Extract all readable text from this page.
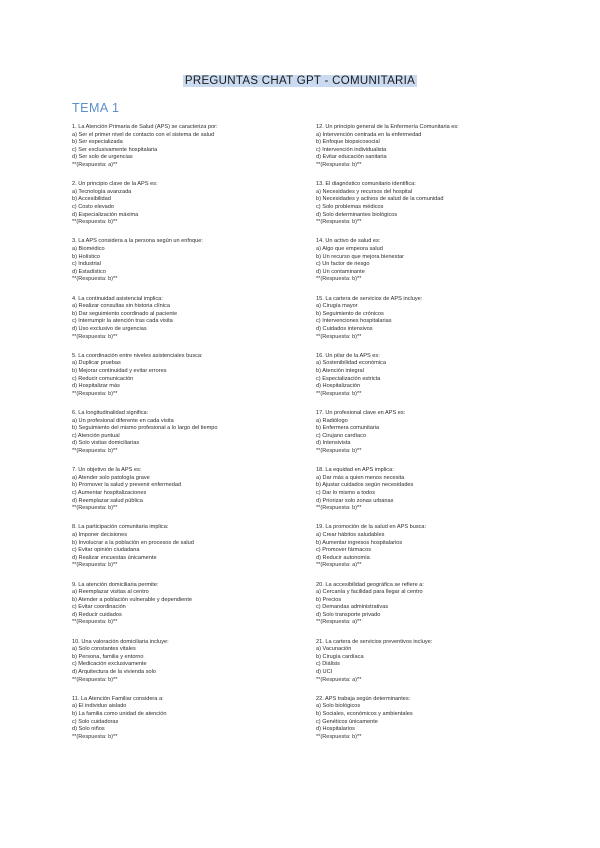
PREGUNTAS CHAT GPT - COMUNITARIA
TEMA 1
1. La Atención Primaria de Salud (APS) se caracteriza por:
a) Ser el primer nivel de contacto con el sistema de salud
b) Ser especializada
c) Ser exclusivamente hospitalaria
d) Ser solo de urgencias
**(Respuesta: a)**
2. Un principio clave de la APS es:
a) Tecnología avanzada
b) Accesibilidad
c) Costo elevado
d) Especialización máxima
**(Respuesta: b)**
3. La APS considera a la persona según un enfoque:
a) Biomédico
b) Holístico
c) Industrial
d) Estadístico
**(Respuesta: b)**
4. La continuidad asistencial implica:
a) Realizar consultas sin historia clínica
b) Dar seguimiento coordinado al paciente
c) Interrumpir la atención tras cada visita
d) Uso exclusivo de urgencias
**(Respuesta: b)**
5. La coordinación entre niveles asistenciales busca:
a) Duplicar pruebas
b) Mejorar continuidad y evitar errores
c) Reducir comunicación
d) Hospitalizar más
**(Respuesta: b)**
6. La longitudinalidad significa:
a) Un profesional diferente en cada visita
b) Seguimiento del mismo profesional a lo largo del tiempo
c) Atención puntual
d) Solo visitas domiciliarias
**(Respuesta: b)**
7. Un objetivo de la APS es:
a) Atender solo patología grave
b) Promover la salud y prevenir enfermedad
c) Aumentar hospitalizaciones
d) Reemplazar salud pública
**(Respuesta: b)**
8. La participación comunitaria implica:
a) Imponer decisiones
b) Involucrar a la población en procesos de salud
c) Evitar opinión ciudadana
d) Realizar encuestas únicamente
**(Respuesta: b)**
9. La atención domiciliaria permite:
a) Reemplazar visitas al centro
b) Atender a población vulnerable y dependiente
c) Evitar coordinación
d) Reducir cuidados
**(Respuesta: b)**
10. Una valoración domiciliaria incluye:
a) Solo constantes vitales
b) Persona, familia y entorno
c) Medicación exclusivamente
d) Arquitectura de la vivienda solo
**(Respuesta: b)**
11. La Atención Familiar considera a:
a) El individuo aislado
b) La familia como unidad de atención
c) Solo cuidadoras
d) Solo niños
**(Respuesta: b)**
12. Un principio general de la Enfermería Comunitaria es:
a) Intervención centrada en la enfermedad
b) Enfoque biopsicosocial
c) Intervención individualista
d) Evitar educación sanitaria
**(Respuesta: b)**
13. El diagnóstico comunitario identifica:
a) Necesidades y recursos del hospital
b) Necesidades y activos de salud de la comunidad
c) Solo problemas médicos
d) Solo determinantes biológicos
**(Respuesta: b)**
14. Un activo de salud es:
a) Algo que empeora salud
b) Un recurso que mejora bienestar
c) Un factor de riesgo
d) Un contaminante
**(Respuesta: b)**
15. La cartera de servicios de APS incluye:
a) Cirugía mayor
b) Seguimiento de crónicos
c) Intervenciones hospitalarias
d) Cuidados intensivos
**(Respuesta: b)**
16. Un pilar de la APS es:
a) Sostenibilidad económica
b) Atención integral
c) Especialización estricta
d) Hospitalización
**(Respuesta: b)**
17. Un profesional clave en APS es:
a) Radiólogo
b) Enfermera comunitaria
c) Cirujano cardíaco
d) Intensivista
**(Respuesta: b)**
18. La equidad en APS implica:
a) Dar más a quien menos necesita
b) Ajustar cuidados según necesidades
c) Dar lo mismo a todos
d) Priorizar solo zonas urbanas
**(Respuesta: b)**
19. La promoción de la salud en APS busca:
a) Crear hábitos saludables
b) Aumentar ingresos hospitalarios
c) Promover fármacos
d) Reducir autonomía
**(Respuesta: a)**
20. La accesibilidad geográfica se refiere a:
a) Cercanía y facilidad para llegar al centro
b) Precios
c) Demandas administrativas
d) Solo transporte privado
**(Respuesta: a)**
21. La cartera de servicios preventivos incluye:
a) Vacunación
b) Cirugía cardíaca
c) Diálisis
d) UCI
**(Respuesta: a)**
22. APS trabaja según determinantes:
a) Solo biológicos
b) Sociales, económicos y ambientales
c) Genéticos únicamente
d) Hospitalarios
**(Respuesta: b)**
